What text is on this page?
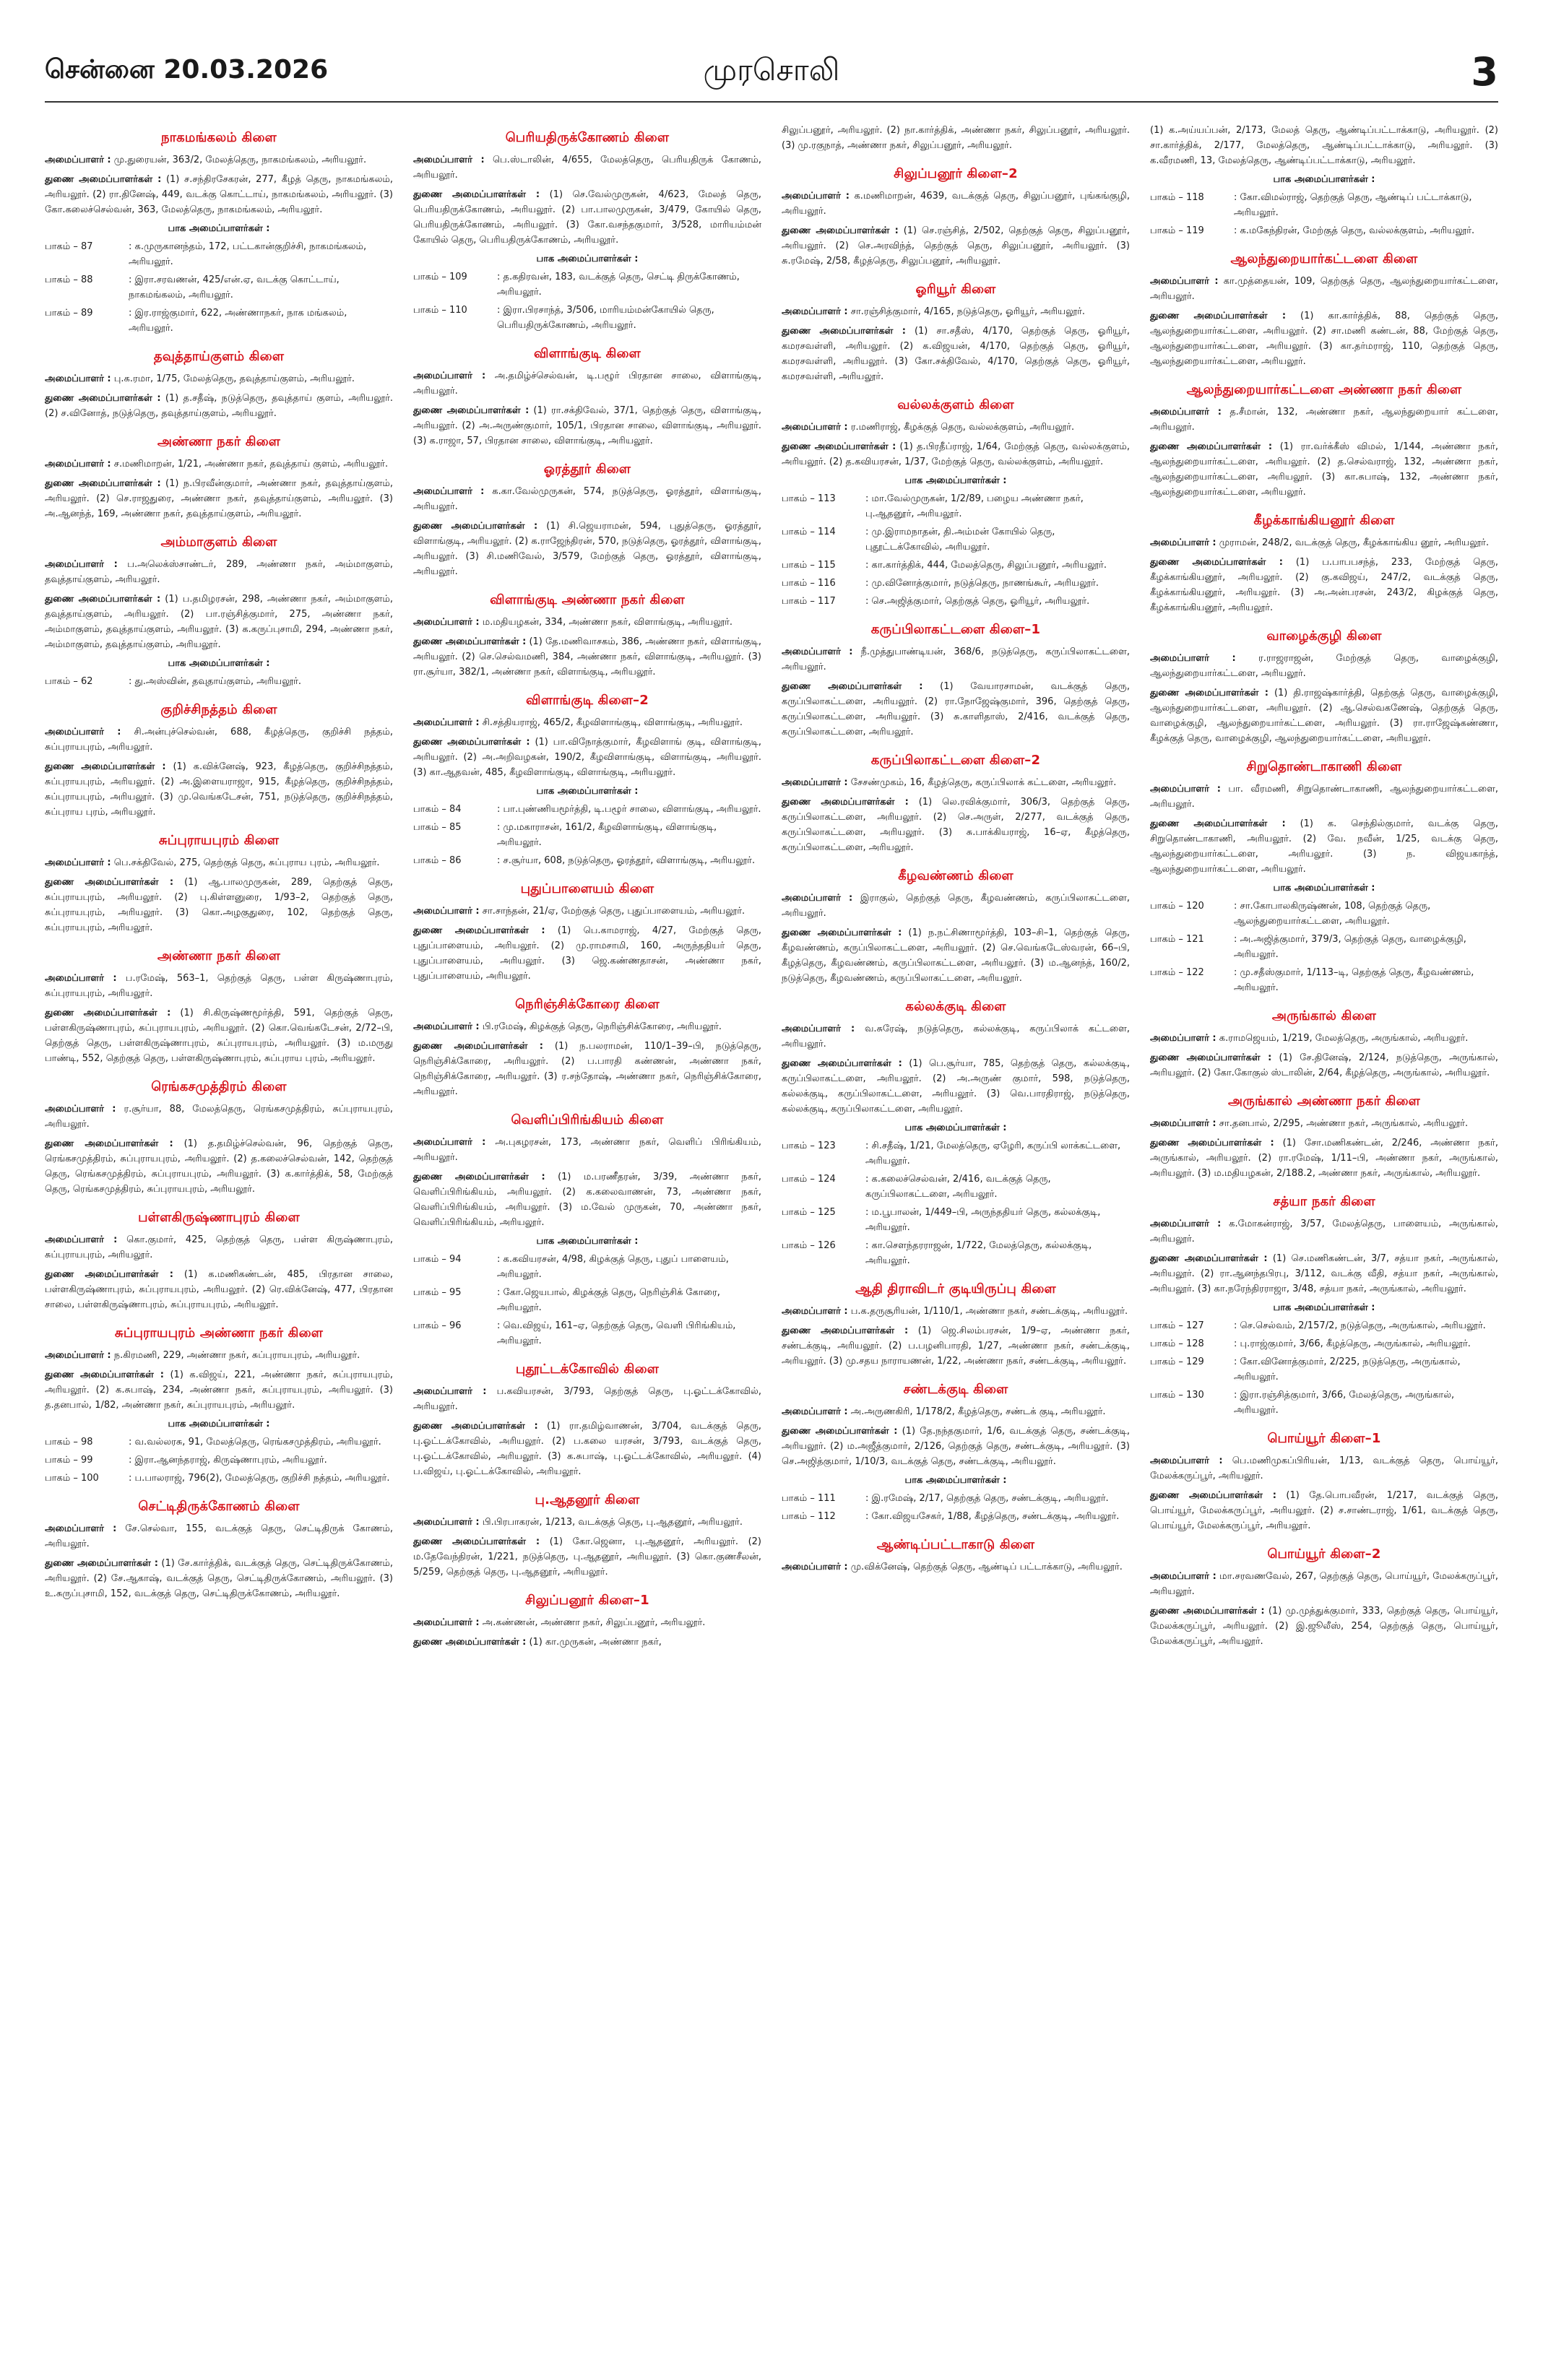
சென்னை 20.03.2026	முரசொலி	3
நாகமங்கலம் கிளை

அமைப்பாளர் : மு.துரையன், 363/2, மேலத்தெரு, நாகமங்கலம், அரியலூர்.

துணை அமைப்பாளர்கள் : (1) ச.சந்திரசேகரன், 277, கீழத் தெரு, நாகமங்கலம், அரியலூர். (2) ரா.தினேஷ், 449, வடக்கு கொட்டாய், நாகமங்கலம், அரியலூர். (3) கோ.கலைச்செல்வன், 363, மேலத்தெரு, நாகமங்கலம், அரியலூர்.

பாக அமைப்பாளர்கள் :
பாகம் – 87	: க.முருகானந்தம், 172, பட்டகான்குறிச்சி, நாகமங்கலம், அரியலூர்.
பாகம் – 88	: இரா.சரவணன், 425/என்.ஏ, வடக்கு கொட்டாய், நாகமங்கலம், அரியலூர்.
பாகம் – 89	: இர.ராஜ்குமார், 622, அண்ணாநகர், நாக மங்கலம், அரியலூர்.
தவுத்தாய்குளம் கிளை

அமைப்பாளர் : பு.க.ரமா, 1/75, மேலத்தெரு, தவுத்தாய்குளம், அரியலூர்.

துணை அமைப்பாளர்கள் : (1) த.சதீஷ், நடுத்தெரு, தவுத்தாய் குளம், அரியலூர். (2) ச.வினோத், நடுத்தெரு, தவுத்தாய்குளம், அரியலூர்.

அண்ணா நகர் கிளை

அமைப்பாளர் : ச.மணிமாறன், 1/21, அண்ணா நகர், தவுத்தாய் குளம், அரியலூர்.

துணை அமைப்பாளர்கள் : (1) ந.பிரவீன்குமார், அண்ணா நகர், தவுத்தாய்குளம், அரியலூர். (2) செ.ராஜதுரை, அண்ணா நகர், தவுத்தாய்குளம், அரியலூர். (3) அ.ஆனந்த், 169, அண்ணா நகர், தவுத்தாய்குளம், அரியலூர்.

அம்மாகுளம் கிளை

அமைப்பாளர் : ப.அலெக்ஸ்சாண்டர், 289, அண்ணா நகர், அம்மாகுளம், தவுத்தாய்குளம், அரியலூர்.

துணை அமைப்பாளர்கள் : (1) ப.தமிழரசன், 298, அண்ணா நகர், அம்மாகுளம், தவுத்தாய்குளம், அரியலூர். (2) பா.ரஞ்சித்குமார், 275, அண்ணா நகர், அம்மாகுளம், தவுத்தாய்குளம், அரியலூர். (3) க.கருப்புசாமி, 294, அண்ணா நகர், அம்மாகுளம், தவுத்தாய்குளம், அரியலூர்.

பாக அமைப்பாளர்கள் :
பாகம் – 62	: து.அஸ்வின், தவுதாய்குளம், அரியலூர்.
குறிச்சிநத்தம் கிளை

அமைப்பாளர் : சி.அன்புச்செல்வன், 688, கீழத்தெரு, குறிச்சி நத்தம், சுப்புராயபுரம், அரியலூர்.

துணை அமைப்பாளர்கள் : (1) க.விக்னேஷ், 923, கீழத்தெரு, குறிச்சிநத்தம், சுப்புராயபுரம், அரியலூர். (2) அ.இளையராஜா, 915, கீழத்தெரு, குறிச்சிநத்தம், சுப்புராயபுரம், அரியலூர். (3) மு.வெங்கடேசன், 751, நடுத்தெரு, குறிச்சிநத்தம், சுப்புராய புரம், அரியலூர்.

சுப்புராயபுரம் கிளை

அமைப்பாளர் : பெ.சக்திவேல், 275, தெற்குத் தெரு, சுப்புராய புரம், அரியலூர்.

துணை அமைப்பாளர்கள் : (1) ஆ.பாலமுருகன், 289, தெற்குத் தெரு, சுப்புராயபுரம், அரியலூர். (2) பு.கிள்ளனுரை, 1/93–2, தெற்குத் தெரு, சுப்புராயபுரம், அரியலூர். (3) கொ.அழகுதுரை, 102, தெற்குத் தெரு, சுப்புராயபுரம், அரியலூர்.

அண்ணா நகர் கிளை

அமைப்பாளர் : ப.ரமேஷ், 563–1, தெற்குத் தெரு, பள்ள கிருஷ்ணாபுரம், சுப்புராயபுரம், அரியலூர்.

துணை அமைப்பாளர்கள் : (1) சி.கிருஷ்ணமூர்த்தி, 591, தெற்குத் தெரு, பள்ளகிருஷ்ணாபுரம், சுப்புராயபுரம், அரியலூர். (2) கொ.வெங்கடேசன், 2/72–பி, தெற்குத் தெரு, பள்ளகிருஷ்ணாபுரம், சுப்புராயபுரம், அரியலூர். (3) ம.மருது பாண்டி, 552, தெற்குத் தெரு, பள்ளகிருஷ்ணாபுரம், சுப்புராய புரம், அரியலூர்.

ரெங்கசமுத்திரம் கிளை

அமைப்பாளர் : ர.சூர்யா, 88, மேலத்தெரு, ரெங்கசமுத்திரம், சுப்புராயபுரம், அரியலூர்.

துணை அமைப்பாளர்கள் : (1) த.தமிழ்ச்செல்வன், 96, தெற்குத் தெரு, ரெங்கசமுத்திரம், சுப்புராயபுரம், அரியலூர். (2) த.கலைச்செல்வன், 142, தெற்குத் தெரு, ரெங்கசமுத்திரம், சுப்புராயபுரம், அரியலூர். (3) க.கார்த்திக், 58, மேற்குத் தெரு, ரெங்கசமுத்திரம், சுப்புராயபுரம், அரியலூர்.

பள்ளகிருஷ்ணாபுரம் கிளை

அமைப்பாளர் : கொ.குமார், 425, தெற்குத் தெரு, பள்ள கிருஷ்ணாபுரம், சுப்புராயபுரம், அரியலூர்.

துணை அமைப்பாளர்கள் : (1) க.மணிகண்டன், 485, பிரதான சாலை, பள்ளகிருஷ்ணாபுரம், சுப்புராயபுரம், அரியலூர். (2) ரெ.விக்னேஷ், 477, பிரதான சாலை, பள்ளகிருஷ்ணாபுரம், சுப்புராயபுரம், அரியலூர்.

சுப்புராயபுரம் அண்ணா நகர் கிளை

அமைப்பாளர் : ந.கிரமணி, 229, அண்ணா நகர், சுப்புராயபுரம், அரியலூர்.

துணை அமைப்பாளர்கள் : (1) க.விஜய், 221, அண்ணா நகர், சுப்புராயபுரம், அரியலூர். (2) க.சுபாஷ், 234, அண்ணா நகர், சுப்புராயபுரம், அரியலூர். (3) த.தனபால், 1/82, அண்ணா நகர், சுப்புராயபுரம், அரியலூர்.

பாக அமைப்பாளர்கள் :
பாகம் – 98	: வ.வல்லரசு, 91, மேலத்தெரு, ரெங்கசமுத்திரம், அரியலூர்.
பாகம் – 99	: இரா.ஆனந்தராஜ், கிருஷ்ணாபுரம், அரியலூர்.
பாகம் – 100	: ப.பாலராஜ், 796(2), மேலத்தெரு, குறிச்சி நத்தம், அரியலூர்.
செட்டிதிருக்கோணம் கிளை

அமைப்பாளர் : சே.செல்வா, 155, வடக்குத் தெரு, செட்டிதிருக் கோணம், அரியலூர்.

துணை அமைப்பாளர்கள் : (1) சே.கார்த்திக், வடக்குத் தெரு, செட்டிதிருக்கோணம், அரியலூர். (2) சே.ஆகாஷ், வடக்குத் தெரு, செட்டிதிருக்கோணம், அரியலூர். (3) உ.சுருப்புசாமி, 152, வடக்குத் தெரு, செட்டிதிருக்கோணம், அரியலூர்.

பெரியதிருக்கோணம் கிளை

அமைப்பாளர் : பெ.ஸ்டாலின், 4/655, மேலத்தெரு, பெரியதிருக் கோணம், அரியலூர்.

துணை அமைப்பாளர்கள் : (1) செ.வேல்முருகன், 4/623, மேலத் தெரு, பெரியதிருக்கோணம், அரியலூர். (2) பா.பாலமுருகன், 3/479, கோயில் தெரு, பெரியதிருக்கோணம், அரியலூர். (3) கோ.வசந்தகுமார், 3/528, மாரியம்மன் கோயில் தெரு, பெரியதிருக்கோணம், அரியலூர்.

பாக அமைப்பாளர்கள் :
பாகம் – 109	: த.கதிரவன், 183, வடக்குத் தெரு, செட்டி திருக்கோணம், அரியலூர்.
பாகம் – 110	: இரா.பிரசாந்த், 3/506, மாரியம்மன்கோயில் தெரு, பெரியதிருக்கோணம், அரியலூர்.
விளாங்குடி கிளை

அமைப்பாளர் : அ.தமிழ்ச்செல்வன், டி.பழூர் பிரதான சாலை, விளாங்குடி, அரியலூர்.

துணை அமைப்பாளர்கள் : (1) ரா.சக்திவேல், 37/1, தெற்குத் தெரு, விளாங்குடி, அரியலூர். (2) அ.அருண்குமார், 105/1, பிரதான சாலை, விளாங்குடி, அரியலூர். (3) க.ராஜா, 57, பிரதான சாலை, விளாங்குடி, அரியலூர்.

ஓரத்தூர் கிளை

அமைப்பாளர் : க.கா.வேல்முருகன், 574, நடுத்தெரு, ஓரத்தூர், விளாங்குடி, அரியலூர்.

துணை அமைப்பாளர்கள் : (1) சி.ஜெயராமன், 594, புதுத்தெரு, ஓரத்தூர், விளாங்குடி, அரியலூர். (2) க.ராஜேந்திரன், 570, நடுத்தெரு, ஓரத்தூர், விளாங்குடி, அரியலூர். (3) சி.மணிவேல், 3/579, மேற்குத் தெரு, ஓரத்தூர், விளாங்குடி, அரியலூர்.

விளாங்குடி அண்ணா நகர் கிளை

அமைப்பாளர் : ம.மதியழகன், 334, அண்ணா நகர், விளாங்குடி, அரியலூர்.

துணை அமைப்பாளர்கள் : (1) தே.மணிவாசகம், 386, அண்ணா நகர், விளாங்குடி, அரியலூர். (2) செ.செல்வமணி, 384, அண்ணா நகர், விளாங்குடி, அரியலூர். (3) ரா.சூர்யா, 382/1, அண்ணா நகர், விளாங்குடி, அரியலூர்.

விளாங்குடி கிளை–2

அமைப்பாளர் : சி.சத்தியராஜ், 465/2, கீழவிளாங்குடி, விளாங்குடி, அரியலூர்.

துணை அமைப்பாளர்கள் : (1) பா.விநோத்குமார், கீழவிளாங் குடி, விளாங்குடி, அரியலூர். (2) அ.அறிவழகன், 190/2, கீழவிளாங்குடி, விளாங்குடி, அரியலூர். (3) கா.ஆதவன், 485, கீழவிளாங்குடி, விளாங்குடி, அரியலூர்.

பாக அமைப்பாளர்கள் :
பாகம் – 84	: பா.புண்ணியமூர்த்தி, டி.பழூர் சாலை, விளாங்குடி, அரியலூர்.
பாகம் – 85	: மு.மகாராசன், 161/2, கீழவிளாங்குடி, விளாங்குடி, அரியலூர்.
பாகம் – 86	: ச.சூர்யா, 608, நடுத்தெரு, ஓரத்தூர், விளாங்குடி, அரியலூர்.
புதுப்பாளையம் கிளை

அமைப்பாளர் : சா.சாந்தன், 21/ஏ, மேற்குத் தெரு, புதுப்பாளையம், அரியலூர்.

துணை அமைப்பாளர்கள் : (1) பெ.காமராஜ், 4/27, மேற்குத் தெரு, புதுப்பாளையம், அரியலூர். (2) மு.ராமசாமி, 160, அருந்ததியர் தெரு, புதுப்பாளையம், அரியலூர். (3) ஜெ.கண்ணதாசன், அண்ணா நகர், புதுப்பாளையம், அரியலூர்.

நெரிஞ்சிக்கோரை கிளை

அமைப்பாளர் : பி.ரமேஷ், கிழக்குத் தெரு, நெரிஞ்சிக்கோரை, அரியலூர்.

துணை அமைப்பாளர்கள் : (1) ந.பலராமன், 110/1–39–பி, நடுத்தெரு, நெரிஞ்சிக்கோரை, அரியலூர். (2) ப.பாரதி கண்ணன், அண்ணா நகர், நெரிஞ்சிக்கோரை, அரியலூர். (3) ர.சந்தோஷ், அண்ணா நகர், நெரிஞ்சிக்கோரை, அரியலூர்.

வெளிப்பிரிங்கியம் கிளை

அமைப்பாளர் : அ.புகழரசன், 173, அண்ணா நகர், வெளிப் பிரிங்கியம், அரியலூர்.

துணை அமைப்பாளர்கள் : (1) ம.பரணீதரன், 3/39, அண்ணா நகர், வெளிப்பிரிங்கியம், அரியலூர். (2) க.கலைவாணன், 73, அண்ணா நகர், வெளிப்பிரிங்கியம், அரியலூர். (3) ம.வேல் முருகன், 70, அண்ணா நகர், வெளிப்பிரிங்கியம், அரியலூர்.

பாக அமைப்பாளர்கள் :
பாகம் – 94	: க.கவியரசன், 4/98, கிழக்குத் தெரு, புதுப் பாளையம், அரியலூர்.
பாகம் – 95	: கோ.ஜெயபால், கிழக்குத் தெரு, நெரிஞ்சிக் கோரை, அரியலூர்.
பாகம் – 96	: வெ.விஜய், 161–ஏ, தெற்குத் தெரு, வெளி பிரிங்கியம், அரியலூர்.
புதூட்டக்கோவில் கிளை

அமைப்பாளர் : ப.கவியரசன், 3/793, தெற்குத் தெரு, பு.ஓட்டக்கோவில், அரியலூர்.

துணை அமைப்பாளர்கள் : (1) ரா.தமிழ்வாணன், 3/704, வடக்குத் தெரு, பு.ஓட்டக்கோவில், அரியலூர். (2) ப.கலை யரசன், 3/793, வடக்குத் தெரு, பு.ஓட்டக்கோவில், அரியலூர். (3) க.சுபாஷ், பு.ஓட்டக்கோவில், அரியலூர். (4) ப.விஜய், பு.ஓட்டக்கோவில், அரியலூர்.

பு.ஆதனூர் கிளை

அமைப்பாளர் : பி.பிரபாகரன், 1/213, வடக்குத் தெரு, பு.ஆதனூர், அரியலூர்.

துணை அமைப்பாளர்கள் : (1) கோ.ஜெனா, பு.ஆதனூர், அரியலூர். (2) ம.தேவேந்திரன், 1/221, நடுத்தெரு, பு.ஆதனூர், அரியலூர். (3) கொ.குணசீலன், 5/259, தெற்குத் தெரு, பு.ஆதனூர், அரியலூர்.

சிலுப்பனூர் கிளை–1

அமைப்பாளர் : அ.கண்ணன், அண்ணா நகர், சிலுப்பனூர், அரியலூர்.

துணை அமைப்பாளர்கள் : (1) கா.முருகன், அண்ணா நகர்,

சிலுப்பனூர், அரியலூர். (2) நா.கார்த்திக், அண்ணா நகர், சிலுப்பனூர், அரியலூர். (3) மு.ரகுநாத், அண்ணா நகர், சிலுப்பனூர், அரியலூர்.

சிலுப்பனூர் கிளை–2

அமைப்பாளர் : க.மணிமாறன், 4639, வடக்குத் தெரு, சிலுப்பனூர், புங்கங்குழி, அரியலூர்.

துணை அமைப்பாளர்கள் : (1) செ.ரஞ்சித், 2/502, தெற்குத் தெரு, சிலுப்பனூர், அரியலூர். (2) செ.அரவிந்த், தெற்குத் தெரு, சிலுப்பனூர், அரியலூர். (3) சு.ரமேஷ், 2/58, கீழத்தெரு, சிலுப்பனூர், அரியலூர்.

ஓரியூர் கிளை

அமைப்பாளர் : சா.ரஞ்சித்குமார், 4/165, நடுத்தெரு, ஓரியூர், அரியலூர்.

துணை அமைப்பாளர்கள் : (1) சா.சதீஸ், 4/170, தெற்குத் தெரு, ஓரியூர், கமரசவள்ளி, அரியலூர். (2) க.விஜயன், 4/170, தெற்குத் தெரு, ஓரியூர், கமரசவள்ளி, அரியலூர். (3) கோ.சக்திவேல், 4/170, தெற்குத் தெரு, ஓரியூர், கமரசவள்ளி, அரியலூர்.

வல்லக்குளம் கிளை

அமைப்பாளர் : ர.மணிராஜ், கீழக்குத் தெரு, வல்லக்குளம், அரியலூர்.

துணை அமைப்பாளர்கள் : (1) த.பிரதீப்ராஜ், 1/64, மேற்குத் தெரு, வல்லக்குளம், அரியலூர். (2) த.கவியரசன், 1/37, மேற்குத் தெரு, வல்லக்குளம், அரியலூர்.

பாக அமைப்பாளர்கள் :
பாகம் – 113	: மா.வேல்முருகன், 1/2/89, பழைய அண்ணா நகர், பு.ஆதனூர், அரியலூர்.
பாகம் – 114	: மு.இராமநாதன், தி.அம்மன் கோயில் தெரு, புதூட்டக்கோவில், அரியலூர்.
பாகம் – 115	: கா.கார்த்திக், 444, மேலத்தெரு, சிலுப்பனூர், அரியலூர்.
பாகம் – 116	: மு.வினோத்குமார், நடுத்தெரு, நாணங்கூர், அரியலூர்.
பாகம் – 117	: செ.அஜித்குமார், தெற்குத் தெரு, ஓரியூர், அரியலூர்.
கருப்பிலாகட்டளை கிளை–1

அமைப்பாளர் : நீ.முத்துபாண்டியன், 368/6, நடுத்தெரு, கருப்பிலாகட்டளை, அரியலூர்.

துணை அமைப்பாளர்கள் : (1) வேயாரசாமன், வடக்குத் தெரு, கருப்பிலாகட்டளை, அரியலூர். (2) ரா.நோஜேஷ்குமார், 396, தெற்குத் தெரு, கருப்பிலாகட்டளை, அரியலூர். (3) சு.காளிதாஸ், 2/416, வடக்குத் தெரு, கருப்பிலாகட்டளை, அரியலூர்.

கருப்பிலாகட்டளை கிளை–2

அமைப்பாளர் : சேசண்முகம், 16, கீழத்தெரு, கருப்பிலாக் கட்டளை, அரியலூர்.

துணை அமைப்பாளர்கள் : (1) லெ.ரவிக்குமார், 306/3, தெற்குத் தெரு, கருப்பிலாகட்டளை, அரியலூர். (2) செ.அருள், 2/277, வடக்குத் தெரு, கருப்பிலாகட்டளை, அரியலூர். (3) சு.பாக்கியராஜ், 16–ஏ, கீழத்தெரு, கருப்பிலாகட்டளை, அரியலூர்.

கீழவண்ணம் கிளை

அமைப்பாளர் : இராகுல், தெற்குத் தெரு, கீழவண்ணம், கருப்பிலாகட்டளை, அரியலூர்.

துணை அமைப்பாளர்கள் : (1) ந.நட்சிணாமூர்த்தி, 103–சி–1, தெற்குத் தெரு, கீழவண்ணம், கருப்பிலாகட்டளை, அரியலூர். (2) செ.வெங்கடேஸ்வரன், 66–பி, கீழத்தெரு, கீழவண்ணம், கருப்பிலாகட்டளை, அரியலூர். (3) ம.ஆனந்த், 160/2, நடுத்தெரு, கீழவண்ணம், கருப்பிலாகட்டளை, அரியலூர்.

கல்லக்குடி கிளை

அமைப்பாளர் : வ.சுரேஷ், நடுத்தெரு, கல்லக்குடி, கருப்பிலாக் கட்டளை, அரியலூர்.

துணை அமைப்பாளர்கள் : (1) பெ.சூர்யா, 785, தெற்குத் தெரு, கல்லக்குடி, கருப்பிலாகட்டளை, அரியலூர். (2) அ.அருண் குமார், 598, நடுத்தெரு, கல்லக்குடி, கருப்பிலாகட்டளை, அரியலூர். (3) வெ.பாரதிராஜ், நடுத்தெரு, கல்லக்குடி, கருப்பிலாகட்டளை, அரியலூர்.

பாக அமைப்பாளர்கள் :
பாகம் – 123	: சி.சதீஷ், 1/21, மேலத்தெரு, ஏழேரி, கருப்பி லாக்கட்டளை, அரியலூர்.
பாகம் – 124	: க.கலைச்செல்வன், 2/416, வடக்குத் தெரு, கருப்பிலாகட்டளை, அரியலூர்.
பாகம் – 125	: ம.பூபாலன், 1/449–பி, அருந்ததியர் தெரு, கல்லக்குடி, அரியலூர்.
பாகம் – 126	: கா.செளந்தரராஜன், 1/722, மேலத்தெரு, கல்லக்குடி, அரியலூர்.
ஆதி திராவிடர் குடியிருப்பு கிளை

அமைப்பாளர் : ப.க.தருசூரியன், 1/110/1, அண்ணா நகர், சண்டக்குடி, அரியலூர்.

துணை அமைப்பாளர்கள் : (1) ஜெ.சிலம்பரசன், 1/9–ஏ, அண்ணா நகர், சண்டக்குடி, அரியலூர். (2) ப.பழனிபாரதி, 1/27, அண்ணா நகர், சண்டக்குடி, அரியலூர். (3) மு.சதய நாராயணன், 1/22, அண்ணா நகர், சண்டக்குடி, அரியலூர்.

சண்டக்குடி கிளை

அமைப்பாளர் : அ.அருணகிரி, 1/178/2, கீழத்தெரு, சண்டக் குடி, அரியலூர்.

துணை அமைப்பாளர்கள் : (1) தே.நந்தகுமார், 1/6, வடக்குத் தெரு, சண்டக்குடி, அரியலூர். (2) ம.அஜீத்குமார், 2/126, தெற்குத் தெரு, சண்டக்குடி, அரியலூர். (3) செ.அஜித்குமார், 1/10/3, வடக்குத் தெரு, சண்டக்குடி, அரியலூர்.

பாக அமைப்பாளர்கள் :
பாகம் – 111	: இ.ரமேஷ், 2/17, தெற்குத் தெரு, சண்டக்குடி, அரியலூர்.
பாகம் – 112	: கோ.விஜயசேகர், 1/88, கீழத்தெரு, சண்டக்குடி, அரியலூர்.
ஆண்டிப்பட்டாகாடு கிளை

அமைப்பாளர் : மு.விக்னேஷ், தெற்குத் தெரு, ஆண்டிப் பட்டாக்காடு, அரியலூர்.

(1) க.அய்யப்பன், 2/173, மேலத் தெரு, ஆண்டிப்பட்டாக்காடு, அரியலூர். (2) சா.கார்த்திக், 2/177, மேலத்தெரு, ஆண்டிப்பட்டாக்காடு, அரியலூர். (3) க.வீரமணி, 13, மேலத்தெரு, ஆண்டிப்பட்டாக்காடு, அரியலூர்.

பாக அமைப்பாளர்கள் :
பாகம் – 118	: கோ.விமல்ராஜ், தெற்குத் தெரு, ஆண்டிப் பட்டாக்காடு, அரியலூர்.
பாகம் – 119	: க.மகேந்திரன், மேற்குத் தெரு, வல்லக்குளம், அரியலூர்.
ஆலந்துறையார்கட்டளை கிளை

அமைப்பாளர் : கா.முத்தையன், 109, தெற்குத் தெரு, ஆலந்துறையார்கட்டளை, அரியலூர்.

துணை அமைப்பாளர்கள் : (1) கா.கார்த்திக், 88, தெற்குத் தெரு, ஆலந்துறையார்கட்டளை, அரியலூர். (2) சா.மணி கண்டன், 88, மேற்குத் தெரு, ஆலந்துறையார்கட்டளை, அரியலூர். (3) கா.தர்மராஜ், 110, தெற்குத் தெரு, ஆலந்துறையார்கட்டளை, அரியலூர்.

ஆலந்துறையார்கட்டளை அண்ணா நகர் கிளை

அமைப்பாளர் : த.சீமான், 132, அண்ணா நகர், ஆலந்துறையார் கட்டளை, அரியலூர்.

துணை அமைப்பாளர்கள் : (1) ரா.வர்க்கீஸ் விமல், 1/144, அண்ணா நகர், ஆலந்துறையார்கட்டளை, அரியலூர். (2) த.செல்வராஜ், 132, அண்ணா நகர், ஆலந்துறையார்கட்டளை, அரியலூர். (3) கா.சுபாஷ், 132, அண்ணா நகர், ஆலந்துறையார்கட்டளை, அரியலூர்.

கீழக்காங்கியனூர் கிளை

அமைப்பாளர் : முராமன், 248/2, வடக்குத் தெரு, கீழக்காங்கிய னூர், அரியலூர்.

துணை அமைப்பாளர்கள் : (1) ப.பாபபசந்த், 233, மேற்குத் தெரு, கீழக்காங்கியனூர், அரியலூர். (2) கு.கவிஜய், 247/2, வடக்குத் தெரு, கீழக்காங்கியனூர், அரியலூர். (3) அ.அன்பரசன், 243/2, கிழக்குத் தெரு, கீழக்காங்கியனூர், அரியலூர்.

வாழைக்குழி கிளை

அமைப்பாளர் : ர.ராஜராஜன், மேற்குத் தெரு, வாழைக்குழி, ஆலந்துறையார்கட்டளை, அரியலூர்.

துணை அமைப்பாளர்கள் : (1) தி.ராஜஷ்கார்த்தி, தெற்குத் தெரு, வாழைக்குழி, ஆலந்துறையார்கட்டளை, அரியலூர். (2) ஆ.செல்வகணேஷ், தெற்குத் தெரு, வாழைக்குழி, ஆலந்துறையார்கட்டளை, அரியலூர். (3) ரா.ராஜேஷ்கண்ணா, கீழக்குத் தெரு, வாழைக்குழி, ஆலந்துறையார்கட்டளை, அரியலூர்.

சிறுதொண்டாகாணி கிளை

அமைப்பாளர் : பா. வீரமணி, சிறுதொண்டாகாணி, ஆலந்துறையார்கட்டளை, அரியலூர்.

துணை அமைப்பாளர்கள் : (1) க. செந்தில்குமார், வடக்கு தெரு, சிறுதொண்டாகாணி, அரியலூர். (2) வே. நவீன், 1/25, வடக்கு தெரு, ஆலந்துறையார்கட்டளை, அரியலூர். (3) ந. விஜயகாந்த், ஆலந்துறையார்கட்டளை, அரியலூர்.

பாக அமைப்பாளர்கள் :
பாகம் – 120	: சா.கோபாலகிருஷ்ணன், 108, தெற்குத் தெரு, ஆலந்துறையார்கட்டளை, அரியலூர்.
பாகம் – 121	: அ.அஜித்குமார், 379/3, தெற்குத் தெரு, வாழைக்குழி, அரியலூர்.
பாகம் – 122	: மு.சதீஸ்குமார், 1/113–டி, தெற்குத் தெரு, கீழவண்ணம், அரியலூர்.
அருங்கால் கிளை

அமைப்பாளர் : க.ராமஜெயம், 1/219, மேலத்தெரு, அருங்கால், அரியலூர்.

துணை அமைப்பாளர்கள் : (1) சே.தினேஷ், 2/124, நடுத்தெரு, அருங்கால், அரியலூர். (2) கோ.கோகுல் ஸ்டாலின், 2/64, கீழத்தெரு, அருங்கால், அரியலூர்.

அருங்கால் அண்ணா நகர் கிளை

அமைப்பாளர் : சா.தனபால், 2/295, அண்ணா நகர், அருங்கால், அரியலூர்.

துணை அமைப்பாளர்கள் : (1) சோ.மணிகண்டன், 2/246, அண்ணா நகர், அருங்கால், அரியலூர். (2) ரா.ரமேஷ், 1/11–பி, அண்ணா நகர், அருங்கால், அரியலூர். (3) ம.மதியழகன், 2/188.2, அண்ணா நகர், அருங்கால், அரியலூர்.

சத்யா நகர் கிளை

அமைப்பாளர் : க.மோகன்ராஜ், 3/57, மேலத்தெரு, பாளையம், அருங்கால், அரியலூர்.

துணை அமைப்பாளர்கள் : (1) செ.மணிகண்டன், 3/7, சத்யா நகர், அருங்கால், அரியலூர். (2) ரா.ஆனந்தபிரபு, 3/112, வடக்கு வீதி, சத்யா நகர், அருங்கால், அரியலூர். (3) கா.நரேந்திரராஜா, 3/48, சத்யா நகர், அருங்கால், அரியலூர்.

பாக அமைப்பாளர்கள் :
பாகம் – 127	: செ.செல்வம், 2/157/2, நடுத்தெரு, அருங்கால், அரியலூர்.
பாகம் – 128	: பு.ராஜ்குமார், 3/66, கீழத்தெரு, அருங்கால், அரியலூர்.
பாகம் – 129	: கோ.வினோத்குமார், 2/225, நடுத்தெரு, அருங்கால், அரியலூர்.
பாகம் – 130	: இரா.ரஞ்சித்குமார், 3/66, மேலத்தெரு, அருங்கால், அரியலூர்.
பொய்யூர் கிளை–1

அமைப்பாளர் : பெ.மணிமுகப்பிரியன், 1/13, வடக்குத் தெரு, பொய்யூர், மேலக்கருப்பூர், அரியலூர்.

துணை அமைப்பாளர்கள் : (1) தே.பொபவீரன், 1/217, வடக்குத் தெரு, பொய்யூர், மேலக்கருப்பூர், அரியலூர். (2) ச.சாண்டராஜ், 1/61, வடக்குத் தெரு, பொய்யூர், மேலக்கருப்பூர், அரியலூர்.

பொய்யூர் கிளை–2

அமைப்பாளர் : மா.சரவணவேல், 267, தெற்குத் தெரு, பொய்யூர், மேலக்கருப்பூர், அரியலூர்.

துணை அமைப்பாளர்கள் : (1) மு.முத்துக்குமார், 333, தெற்குத் தெரு, பொய்யூர், மேலக்கருப்பூர், அரியலூர். (2) இ.ஜூலீஸ், 254, தெற்குத் தெரு, பொய்யூர், மேலக்கருப்பூர், அரியலூர்.
